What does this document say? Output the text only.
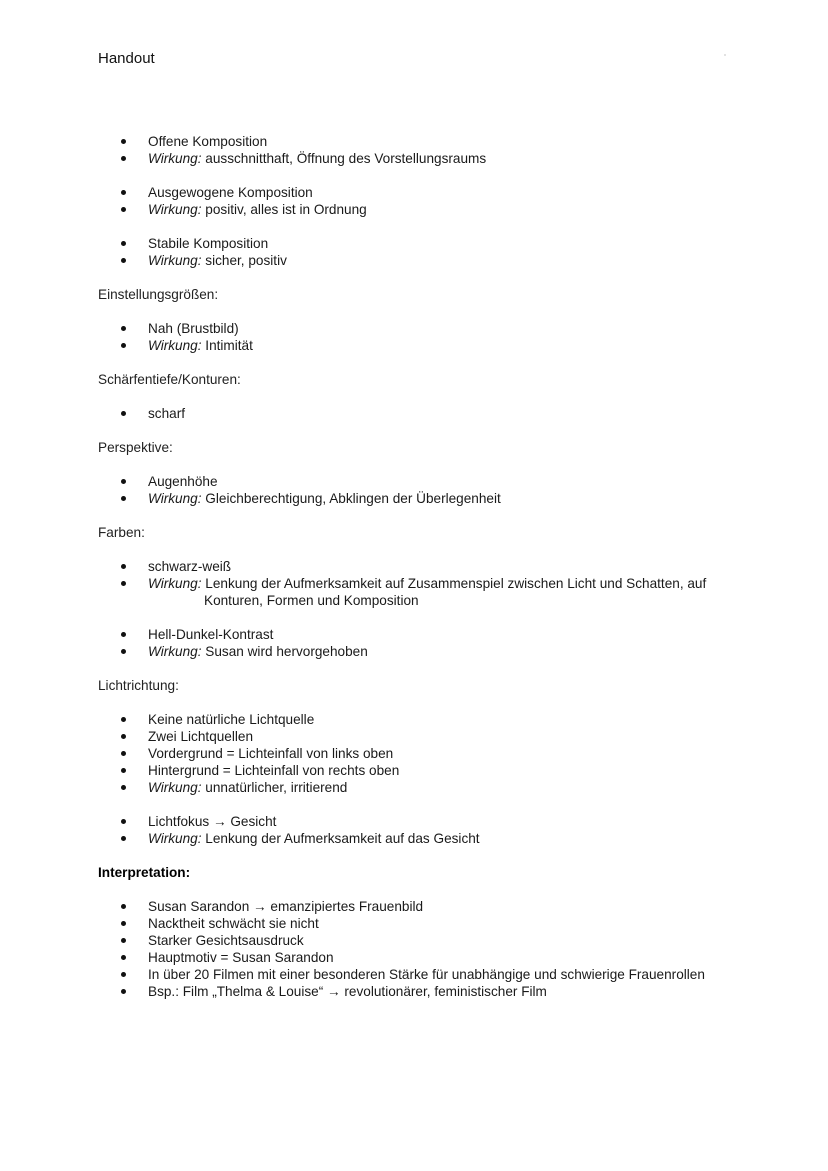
Handout
Offene Komposition
Wirkung: ausschnitthaft, Öffnung des Vorstellungsraums
Ausgewogene Komposition
Wirkung: positiv, alles ist in Ordnung
Stabile Komposition
Wirkung: sicher, positiv
Einstellungsgrößen:
Nah (Brustbild)
Wirkung: Intimität
Schärfentiefe/Konturen:
scharf
Perspektive:
Augenhöhe
Wirkung: Gleichberechtigung, Abklingen der Überlegenheit
Farben:
schwarz-weiß
Wirkung: Lenkung der Aufmerksamkeit auf Zusammenspiel zwischen Licht und Schatten, auf
Konturen, Formen und Komposition
Hell-Dunkel-Kontrast
Wirkung: Susan wird hervorgehoben
Lichtrichtung:
Keine natürliche Lichtquelle
Zwei Lichtquellen
Vordergrund = Lichteinfall von links oben
Hintergrund = Lichteinfall von rechts oben
Wirkung: unnatürlicher, irritierend
Lichtfokus → Gesicht
Wirkung: Lenkung der Aufmerksamkeit auf das Gesicht
Interpretation:
Susan Sarandon → emanzipiertes Frauenbild
Nacktheit schwächt sie nicht
Starker Gesichtsausdruck
Hauptmotiv = Susan Sarandon
In über 20 Filmen mit einer besonderen Stärke für unabhängige und schwierige Frauenrollen
Bsp.: Film „Thelma & Louise“ → revolutionärer, feministischer Film
